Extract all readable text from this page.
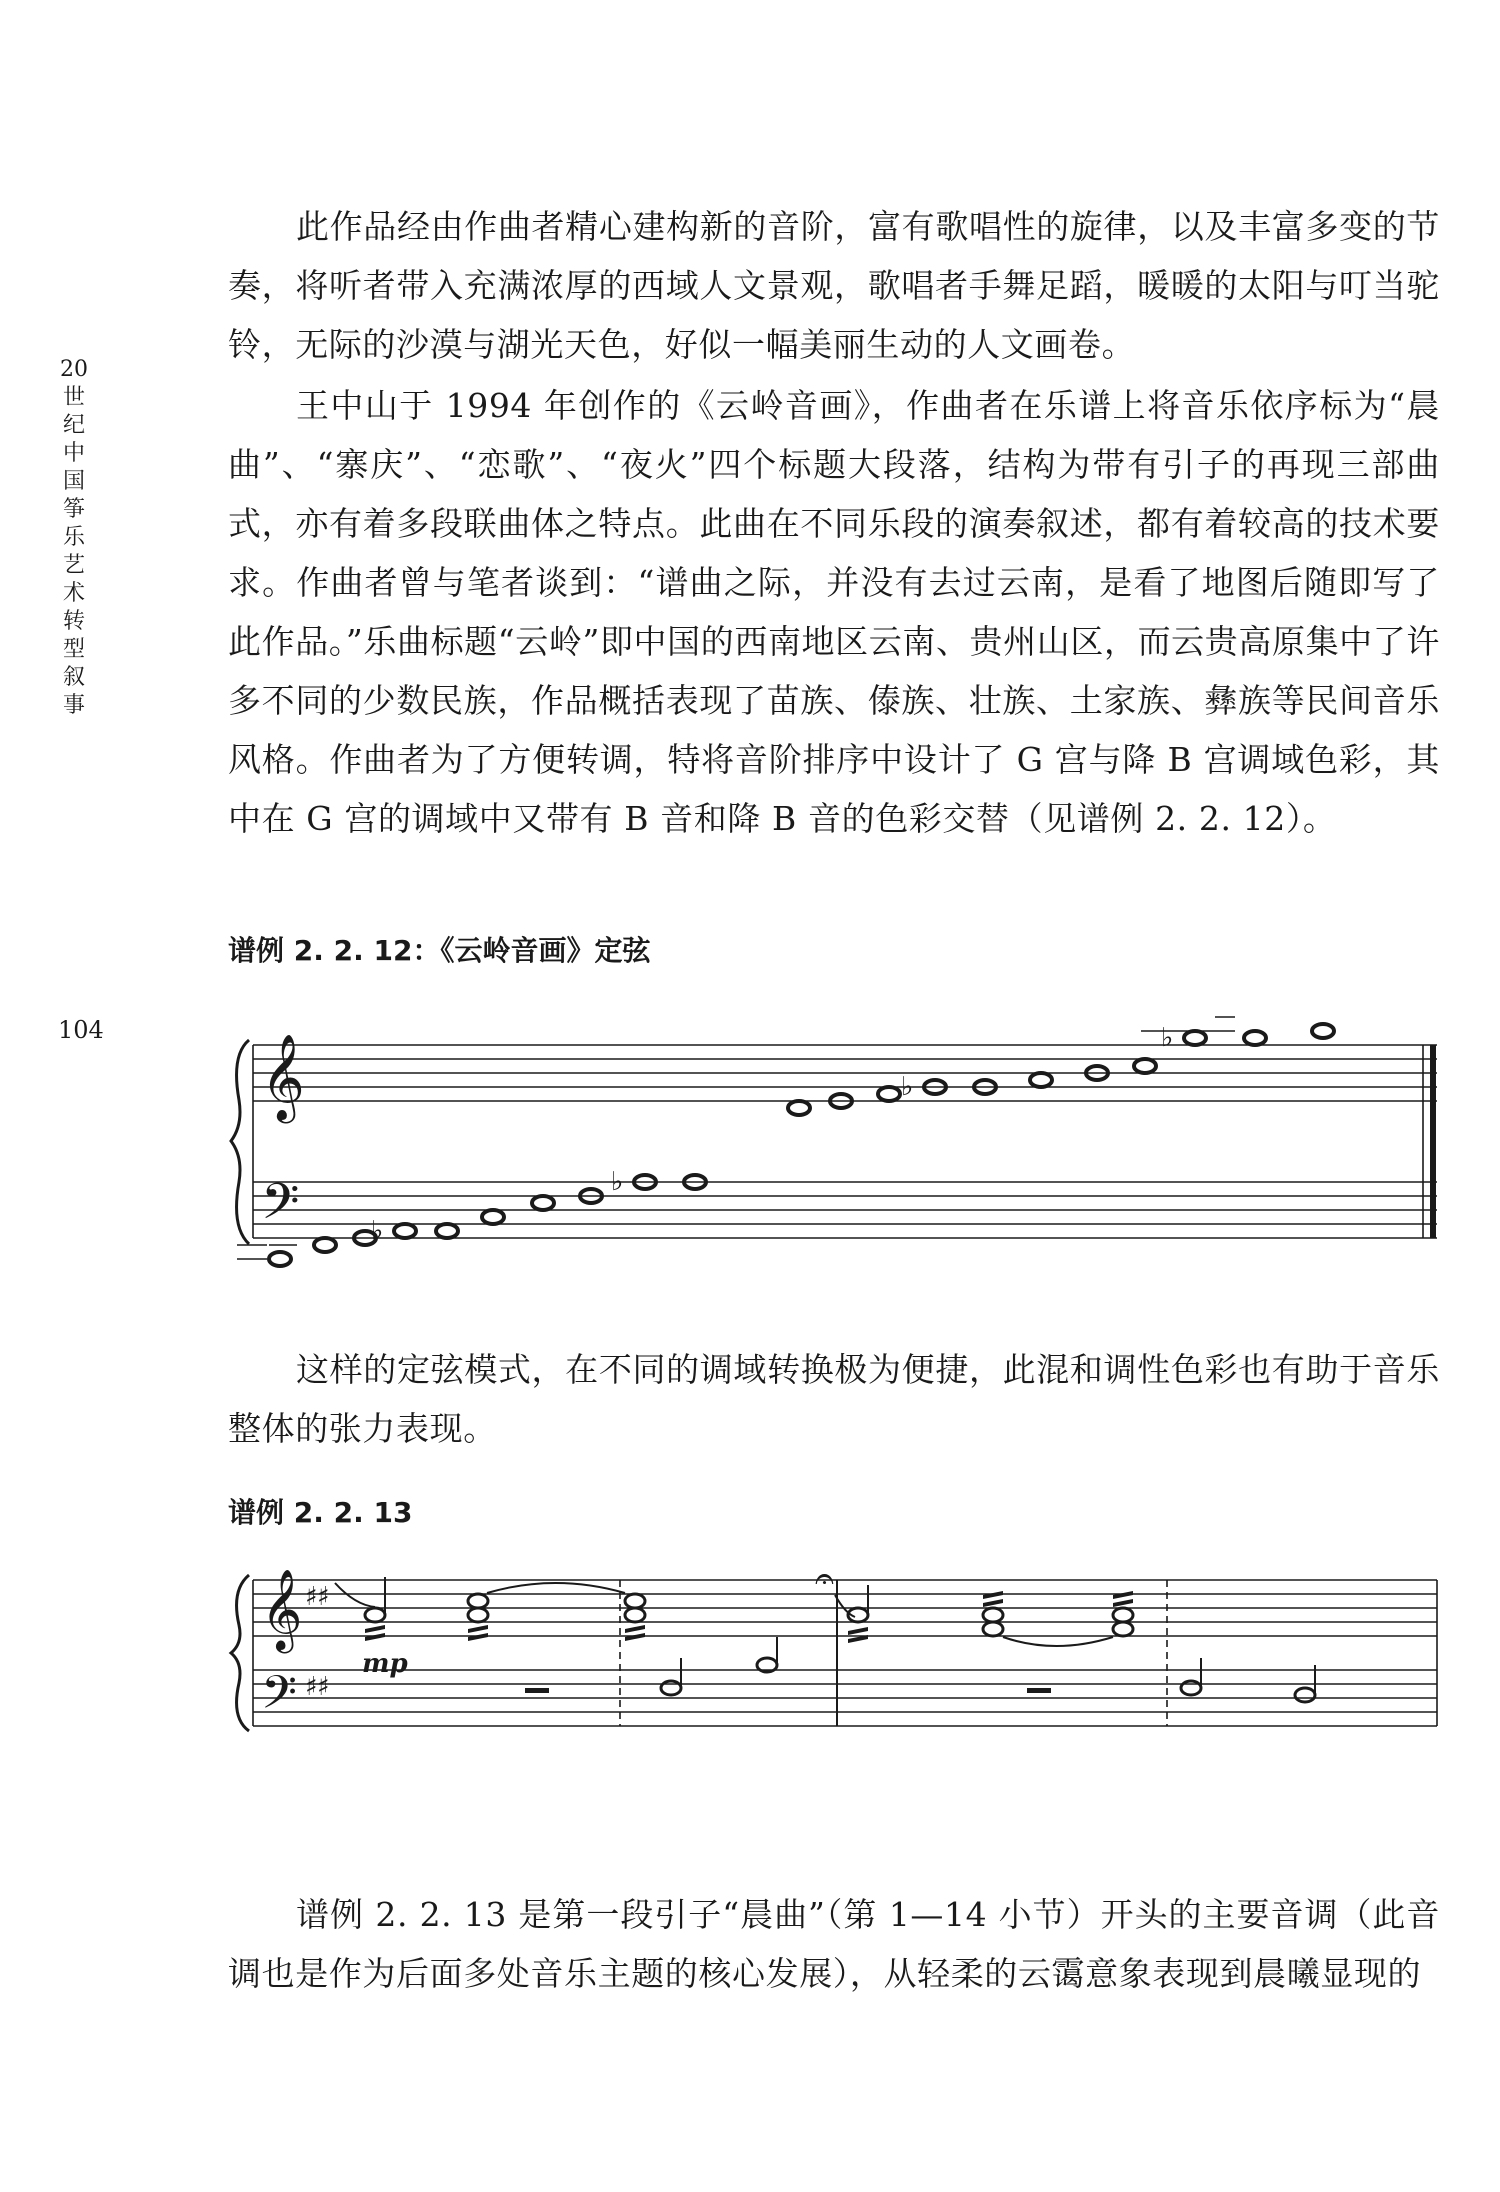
20
世纪中国筝乐艺术转型叙事
104

此作品经由作曲者精心建构新的音阶，富有歌唱性的旋律，以及丰富多变的节奏，将听者带入充满浓厚的西域人文景观，歌唱者手舞足蹈，暖暖的太阳与叮当驼铃，无际的沙漠与湖光天色，好似一幅美丽生动的人文画卷。

王中山于 1994 年创作的《云岭音画》，作曲者在乐谱上将音乐依序标为“晨曲”、“寨庆”、“恋歌”、“夜火”四个标题大段落，结构为带有引子的再现三部曲式，亦有着多段联曲体之特点。此曲在不同乐段的演奏叙述，都有着较高的技术要求。作曲者曾与笔者谈到：“谱曲之际，并没有去过云南，是看了地图后随即写了此作品。”乐曲标题“云岭”即中国的西南地区云南、贵州山区，而云贵高原集中了许多不同的少数民族，作品概括表现了苗族、傣族、壮族、土家族、彝族等民间音乐风格。作曲者为了方便转调，特将音阶排序中设计了 G 宫与降 B 宫调域色彩，其中在 G 宫的调域中又带有 B 音和降 B 音的色彩交替（见谱例 2. 2. 12）。

谱例 2. 2. 12：《云岭音画》定弦
𝄞
𝄢	♭
♭
♭
♭

这样的定弦模式，在不同的调域转换极为便捷，此混和调性色彩也有助于音乐整体的张力表现。

谱例 2. 2. 13
𝄞
𝄢
♯ ♯
♯ ♯
mp
𝄐

谱例 2. 2. 13 是第一段引子“晨曲”（第 1—14 小节）开头的主要音调（此音调也是作为后面多处音乐主题的核心发展），从轻柔的云霭意象表现到晨曦显现的
